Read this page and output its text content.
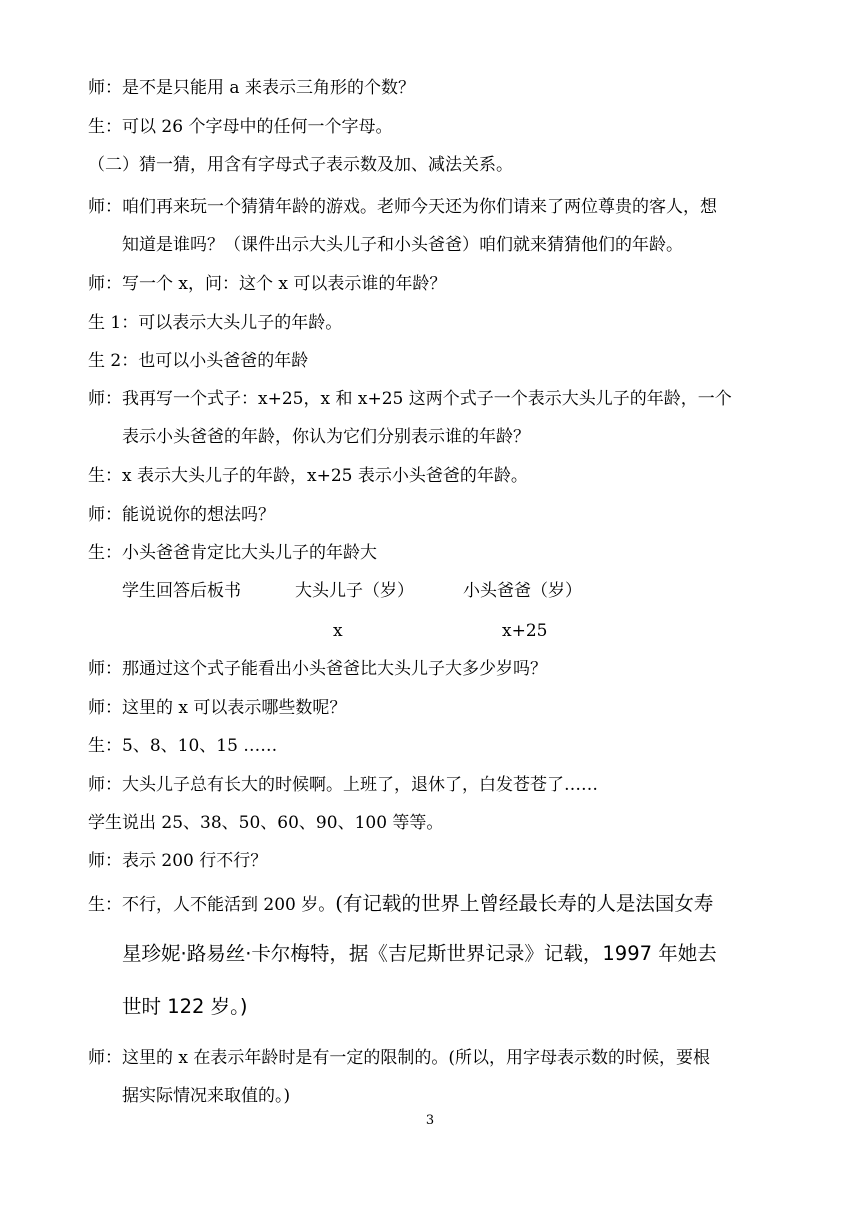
师：是不是只能用 a 来表示三角形的个数？
生：可以 26 个字母中的任何一个字母。
（二）猜一猜，用含有字母式子表示数及加、减法关系。
师：咱们再来玩一个猜猜年龄的游戏。老师今天还为你们请来了两位尊贵的客人，想
知道是谁吗？（课件出示大头儿子和小头爸爸）咱们就来猜猜他们的年龄。
师：写一个 x，问：这个 x 可以表示谁的年龄？
生 1：可以表示大头儿子的年龄。
生 2：也可以小头爸爸的年龄
师：我再写一个式子：x+25，x 和 x+25 这两个式子一个表示大头儿子的年龄，一个
表示小头爸爸的年龄，你认为它们分别表示谁的年龄？
生：x 表示大头儿子的年龄，x+25 表示小头爸爸的年龄。
师：能说说你的想法吗？
生：小头爸爸肯定比大头儿子的年龄大
学生回答后板书	大头儿子（岁）	小头爸爸（岁）
x	x+25
师：那通过这个式子能看出小头爸爸比大头儿子大多少岁吗？
师：这里的 x 可以表示哪些数呢？
生：5、8、10、15 ……
师：大头儿子总有长大的时候啊。上班了，退休了，白发苍苍了……
学生说出 25、38、50、60、90、100 等等。
师：表示 200 行不行？
生：不行，人不能活到 200 岁。(有记载的世界上曾经最长寿的人是法国女寿
星珍妮·路易丝·卡尔梅特，据《吉尼斯世界记录》记载，1997 年她去
世时 122 岁。)
师：这里的 x 在表示年龄时是有一定的限制的。(所以，用字母表示数的时候，要根
据实际情况来取值的。)
3
